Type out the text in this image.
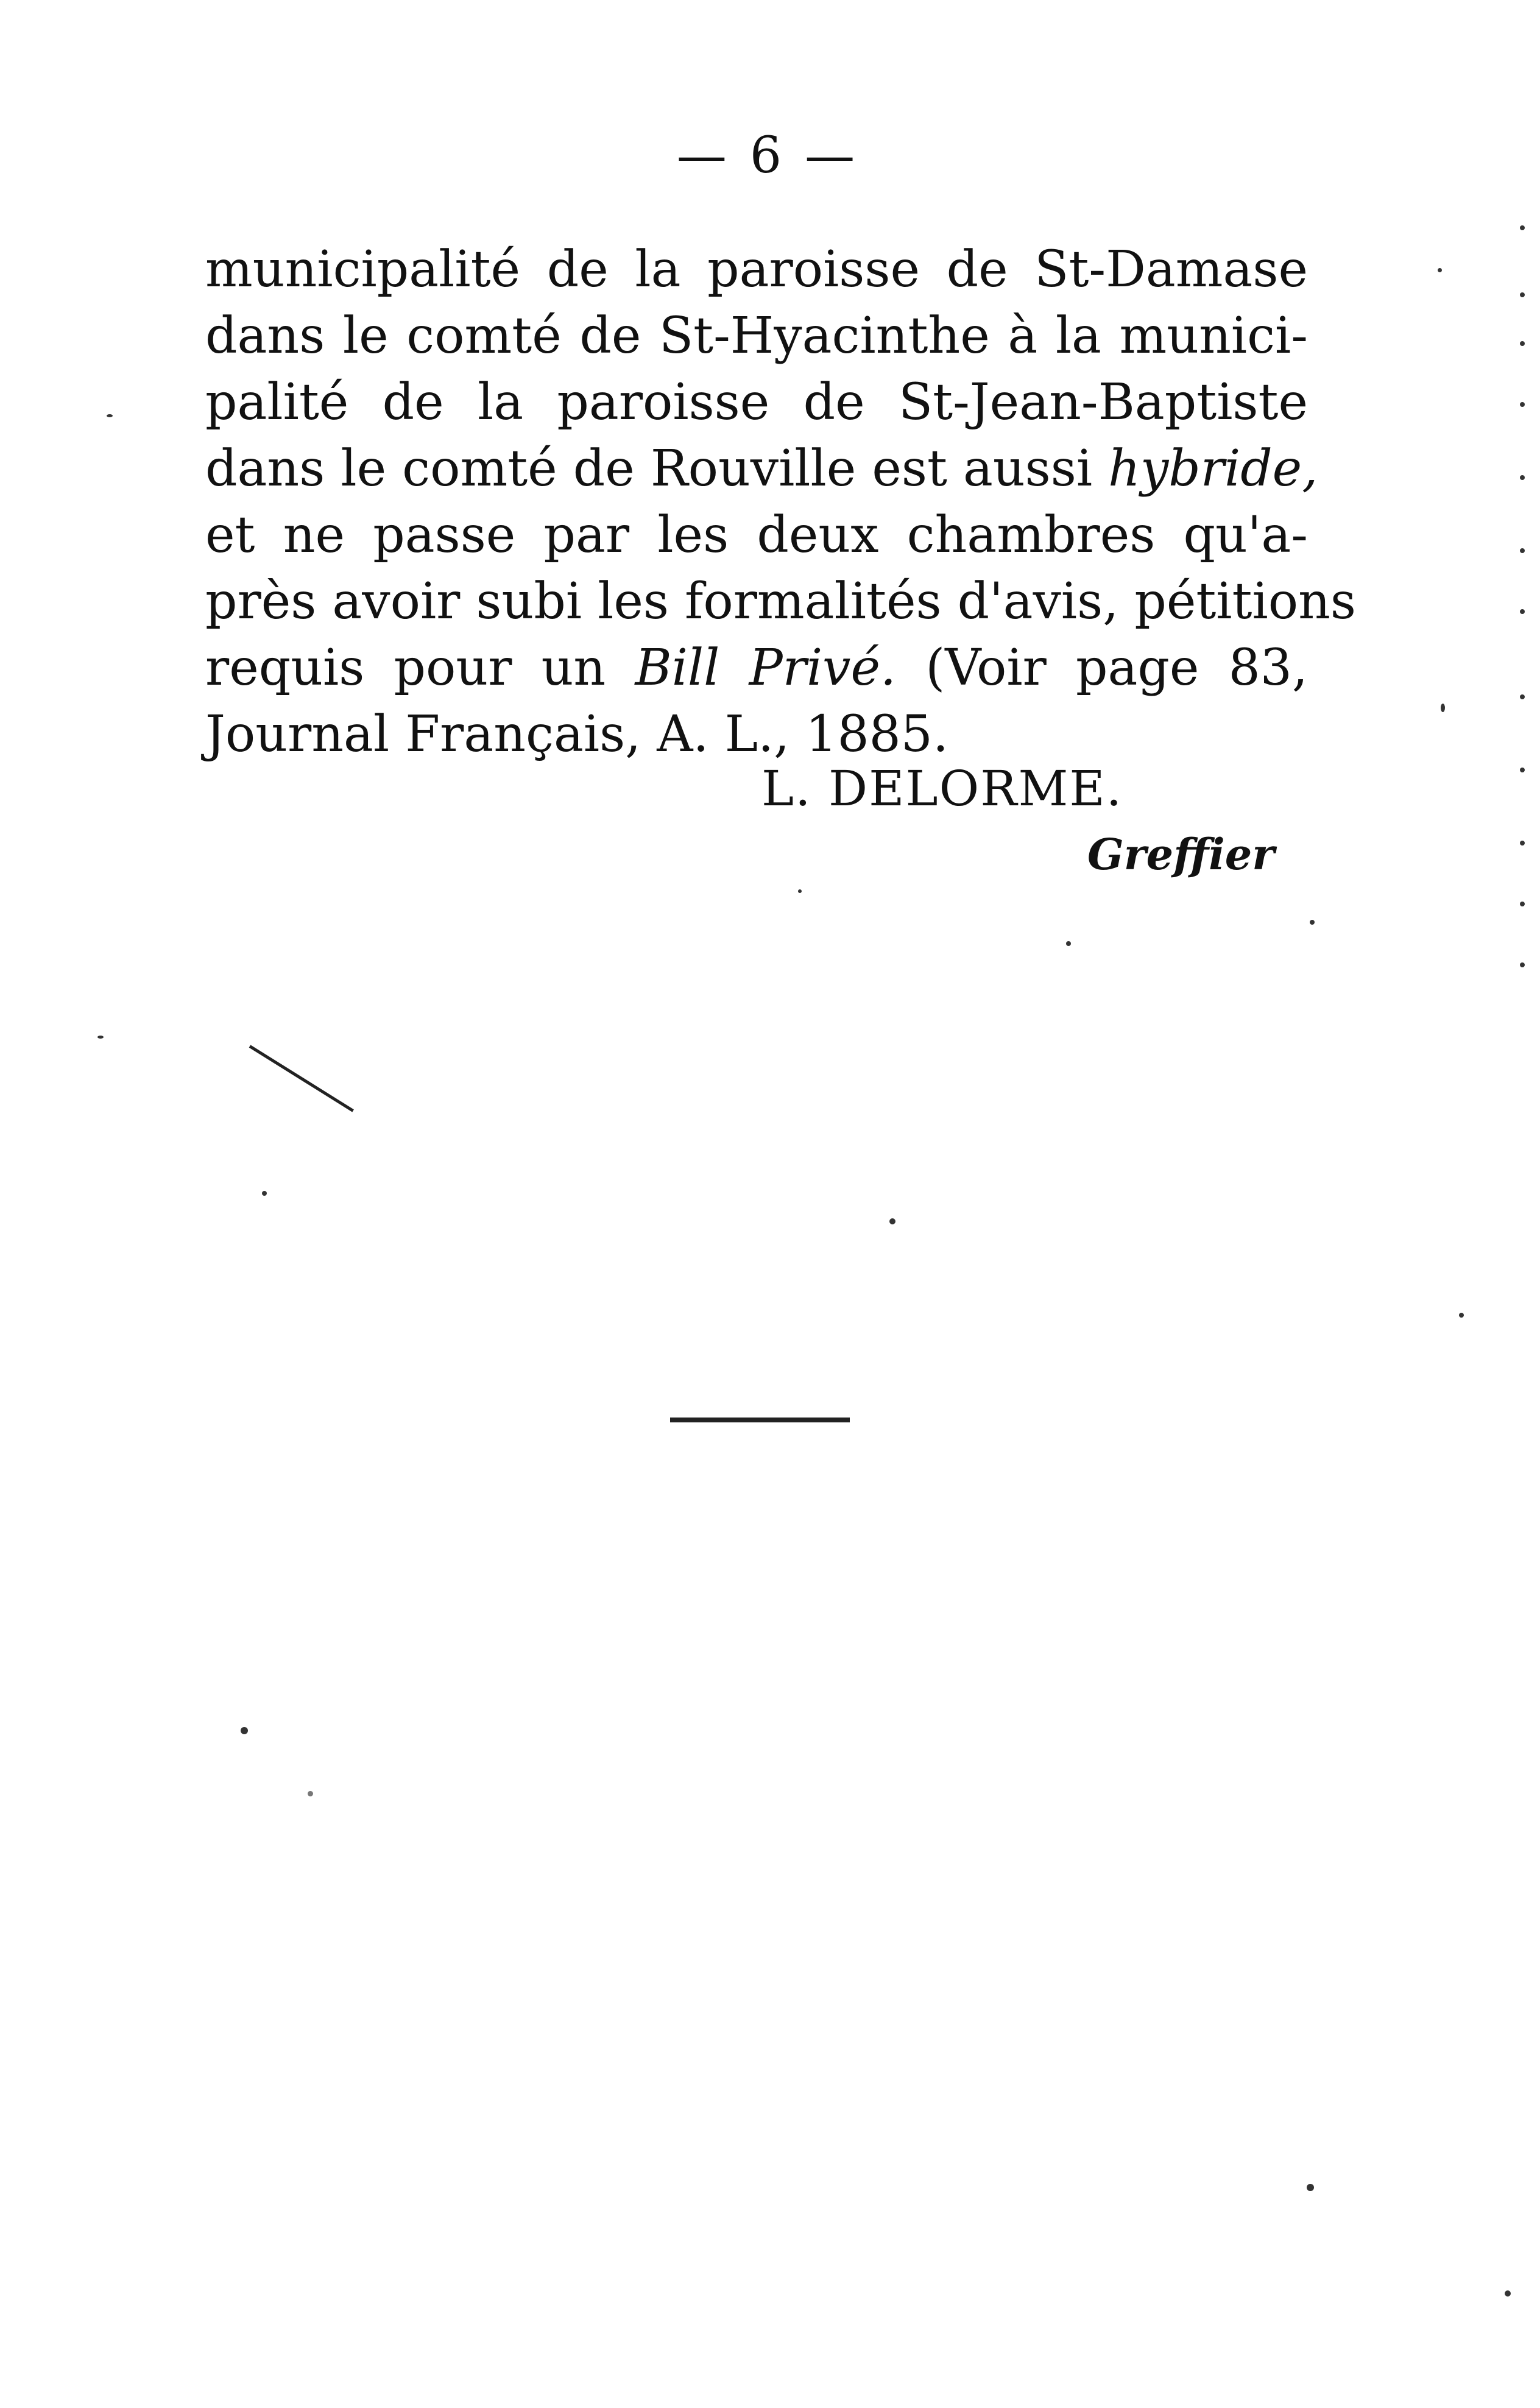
— 6 —
municipalité de la paroisse de St-Damase
dans le comté de St-Hyacinthe à la munici-
palité de la paroisse de St-Jean-Baptiste
dans le comté de Rouville est aussi hybride,
et ne passe par les deux chambres qu'a-
près avoir subi les formalités d'avis, pétitions
requis pour un Bill Privé. (Voir page 83,
Journal Français, A. L., 1885.
L. DELORME.
Greffier
